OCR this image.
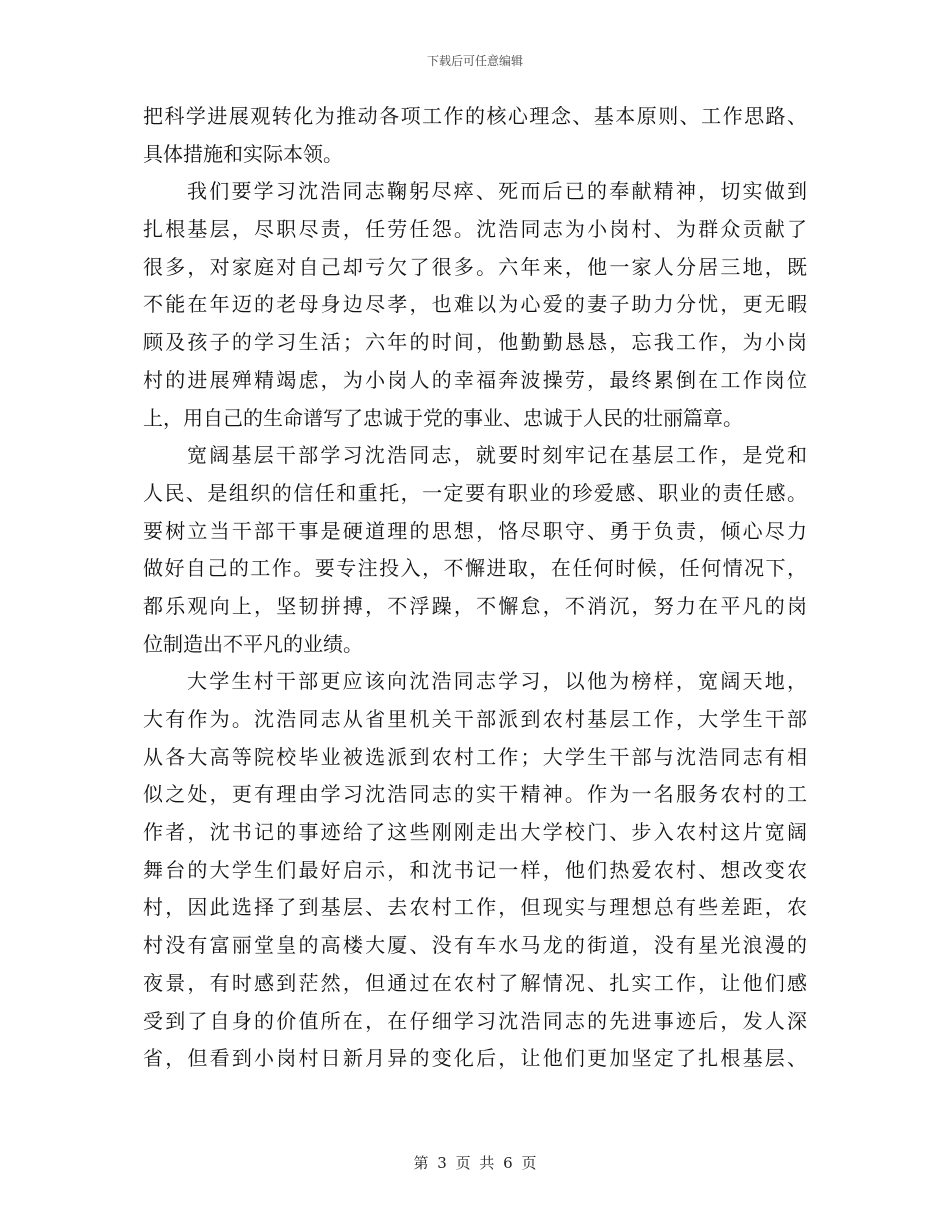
下载后可任意编辑
把科学进展观转化为推动各项工作的核心理念、基本原则、工作思路、
具体措施和实际本领。
我们要学习沈浩同志鞠躬尽瘁、死而后已的奉献精神，切实做到
扎根基层，尽职尽责，任劳任怨。沈浩同志为小岗村、为群众贡献了
很多，对家庭对自己却亏欠了很多。六年来，他一家人分居三地，既
不能在年迈的老母身边尽孝，也难以为心爱的妻子助力分忧，更无暇
顾及孩子的学习生活；六年的时间，他勤勤恳恳，忘我工作，为小岗
村的进展殚精竭虑，为小岗人的幸福奔波操劳，最终累倒在工作岗位
上，用自己的生命谱写了忠诚于党的事业、忠诚于人民的壮丽篇章。
宽阔基层干部学习沈浩同志，就要时刻牢记在基层工作，是党和
人民、是组织的信任和重托，一定要有职业的珍爱感、职业的责任感。
要树立当干部干事是硬道理的思想，恪尽职守、勇于负责，倾心尽力
做好自己的工作。要专注投入，不懈进取，在任何时候，任何情况下，
都乐观向上，坚韧拼搏，不浮躁，不懈怠，不消沉，努力在平凡的岗
位制造出不平凡的业绩。
大学生村干部更应该向沈浩同志学习，以他为榜样，宽阔天地，
大有作为。沈浩同志从省里机关干部派到农村基层工作，大学生干部
从各大高等院校毕业被选派到农村工作；大学生干部与沈浩同志有相
似之处，更有理由学习沈浩同志的实干精神。作为一名服务农村的工
作者，沈书记的事迹给了这些刚刚走出大学校门、步入农村这片宽阔
舞台的大学生们最好启示，和沈书记一样，他们热爱农村、想改变农
村，因此选择了到基层、去农村工作，但现实与理想总有些差距，农
村没有富丽堂皇的高楼大厦、没有车水马龙的街道，没有星光浪漫的
夜景，有时感到茫然，但通过在农村了解情况、扎实工作，让他们感
受到了自身的价值所在，在仔细学习沈浩同志的先进事迹后，发人深
省，但看到小岗村日新月异的变化后，让他们更加坚定了扎根基层、
第 3 页 共 6 页
